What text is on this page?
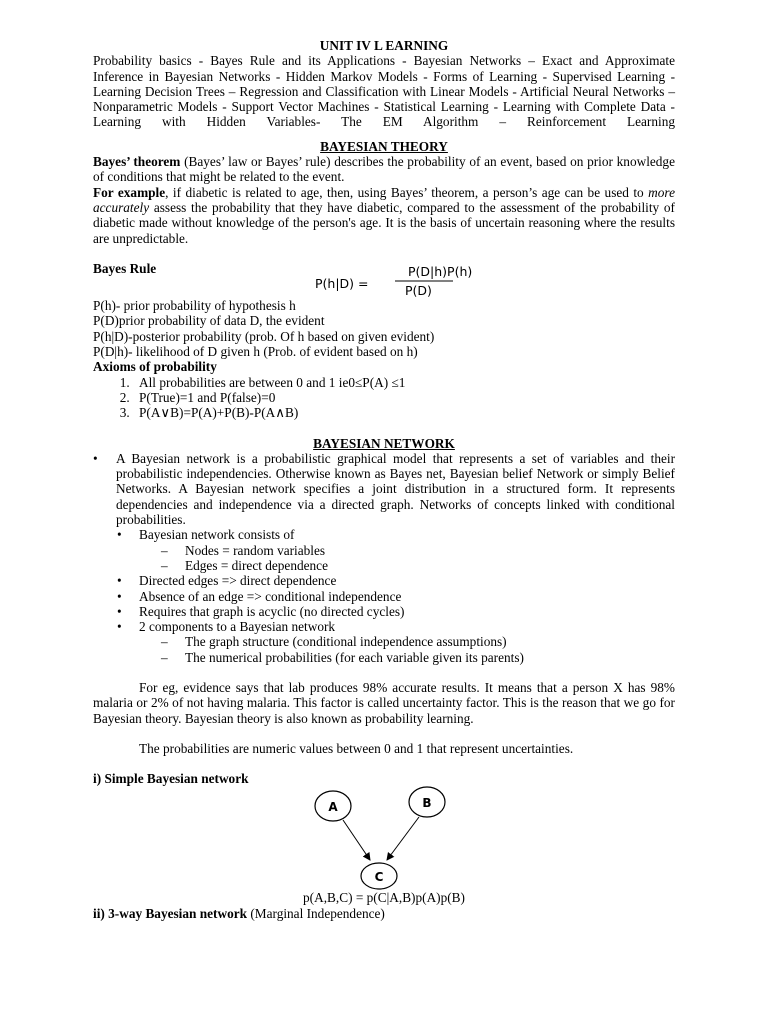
UNIT IV L EARNING

Probability basics - Bayes Rule and its Applications - Bayesian Networks – Exact and Approximate Inference in Bayesian Networks - Hidden Markov Models - Forms of Learning - Supervised Learning - Learning Decision Trees – Regression and Classification with Linear Models - Artificial Neural Networks – Nonparametric Models - Support Vector Machines - Statistical Learning - Learning with Complete Data - Learning with Hidden Variables- The EM Algorithm – Reinforcement Learning

BAYESIAN THEORY

Bayes’ theorem (Bayes’ law or Bayes’ rule) describes the probability of an event, based on prior knowledge of conditions that might be related to the event.

For example, if diabetic is related to age, then, using Bayes’ theorem, a person’s age can be used to more accurately assess the probability that they have diabetic, compared to the assessment of the probability of diabetic made without knowledge of the person's age. It is the basis of uncertain reasoning where the results are unpredictable.

Bayes Rule

P(h|D) =
P(D|h)P(h)
P(D)

P(h)- prior probability of hypothesis h

P(D)prior probability of data D, the evident

P(h|D)-posterior probability (prob. Of h based on given evident)

P(D|h)- likelihood of D given h (Prob. of evident based on h)

Axioms of probability

1. All probabilities are between 0 and 1 ie0≤P(A) ≤1
2. P(True)=1 and P(false)=0
3. P(A∨B)=P(A)+P(B)-P(A∧B)

BAYESIAN NETWORK

• A Bayesian network is a probabilistic graphical model that represents a set of variables and their probabilistic independencies. Otherwise known as Bayes net, Bayesian belief Network or simply Belief Networks. A Bayesian network specifies a joint distribution in a structured form. It represents dependencies and independence via a directed graph. Networks of concepts linked with conditional probabilities.
• Bayesian network consists of
– Nodes = random variables
– Edges = direct dependence
• Directed edges => direct dependence
• Absence of an edge => conditional independence
• Requires that graph is acyclic (no directed cycles)
• 2 components to a Bayesian network
– The graph structure (conditional independence assumptions)
– The numerical probabilities (for each variable given its parents)

For eg, evidence says that lab produces 98% accurate results. It means that a person X has 98% malaria or 2% of not having malaria. This factor is called uncertainty factor. This is the reason that we go for Bayesian theory. Bayesian theory is also known as probability learning.

The probabilities are numeric values between 0 and 1 that represent uncertainties.

i) Simple Bayesian network

A	B
C

p(A,B,C) = p(C|A,B)p(A)p(B)

ii) 3-way Bayesian network (Marginal Independence)
